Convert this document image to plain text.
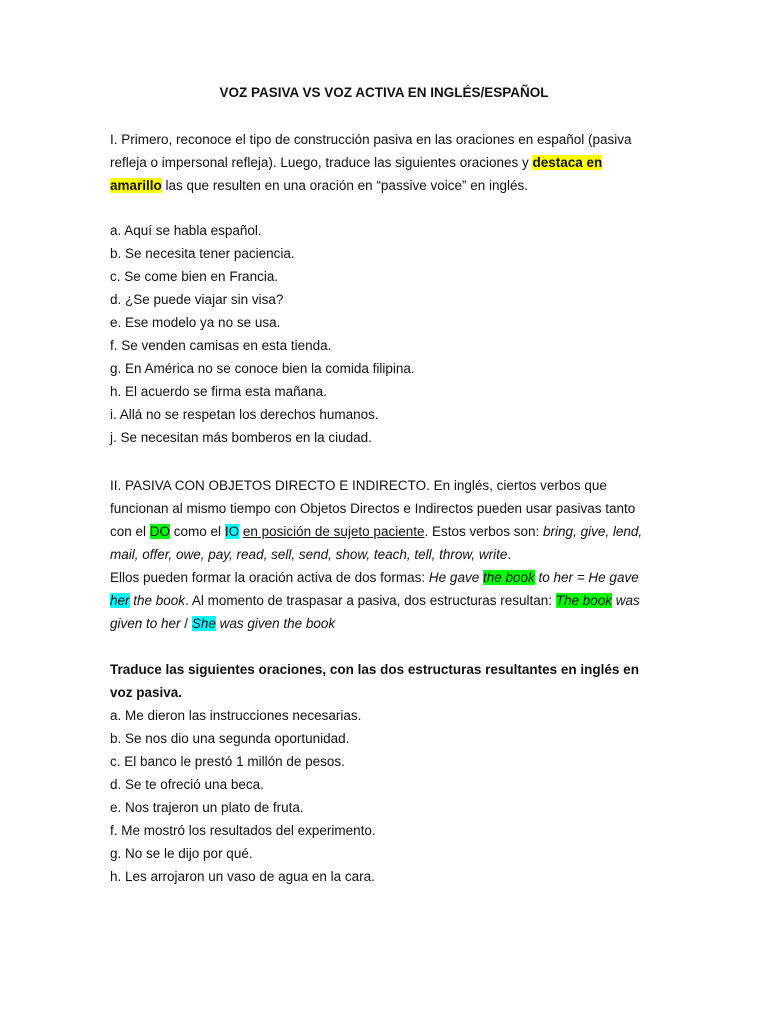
VOZ PASIVA VS VOZ ACTIVA EN INGLÉS/ESPAÑOL

I. Primero, reconoce el tipo de construcción pasiva en las oraciones en español (pasiva refleja o impersonal refleja). Luego, traduce las siguientes oraciones y destaca en amarillo las que resulten en una oración en “passive voice” en inglés.

a. Aquí se habla español.
b. Se necesita tener paciencia.
c. Se come bien en Francia.
d. ¿Se puede viajar sin visa?
e. Ese modelo ya no se usa.
f. Se venden camisas en esta tienda.
g. En América no se conoce bien la comida filipina.
h. El acuerdo se firma esta mañana.
i. Allá no se respetan los derechos humanos.
j. Se necesitan más bomberos en la ciudad.

II. PASIVA CON OBJETOS DIRECTO E INDIRECTO. En inglés, ciertos verbos que funcionan al mismo tiempo con Objetos Directos e Indirectos pueden usar pasivas tanto con el DO como el IO en posición de sujeto paciente. Estos verbos son: bring, give, lend, mail, offer, owe, pay, read, sell, send, show, teach, tell, throw, write.

Ellos pueden formar la oración activa de dos formas: He gave the book to her = He gave her the book. Al momento de traspasar a pasiva, dos estructuras resultan: The book was given to her / She was given the book

Traduce las siguientes oraciones, con las dos estructuras resultantes en inglés en voz pasiva.

a. Me dieron las instrucciones necesarias.
b. Se nos dio una segunda oportunidad.
c. El banco le prestó 1 millón de pesos.
d. Se te ofreció una beca.
e. Nos trajeron un plato de fruta.
f. Me mostró los resultados del experimento.
g. No se le dijo por qué.
h. Les arrojaron un vaso de agua en la cara.
